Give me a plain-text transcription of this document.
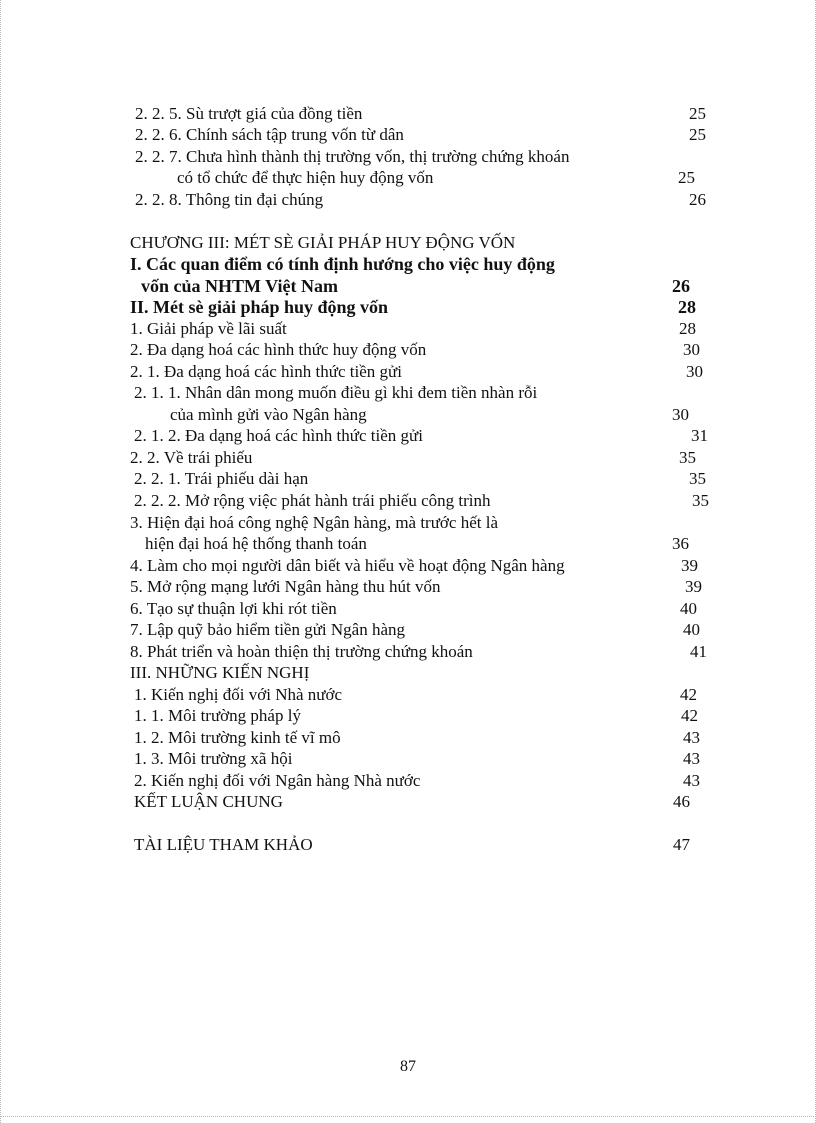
2. 2. 5. Sù trượt giá của đồng tiền	25
2. 2. 6. Chính sách tập trung vốn từ dân	25
2. 2. 7. Chưa hình thành thị trường vốn, thị trường chứng khoán
có tổ chức để thực hiện huy động vốn	25
2. 2. 8. Thông tin đại chúng	26
CHƯƠNG III: MÉT SÈ GIẢI PHÁP HUY ĐỘNG VỐN
I. Các quan điểm có tính định hướng cho việc huy động
vốn của NHTM Việt Nam	26
II. Mét sè giải pháp huy động vốn	28
1. Giải pháp về lãi suất	28
2. Đa dạng hoá các hình thức huy động vốn	30
2. 1. Đa dạng hoá các hình thức tiền gửi	30
2. 1. 1. Nhân dân mong muốn điều gì khi đem tiền nhàn rỗi
của mình gửi vào Ngân hàng	30
2. 1. 2. Đa dạng hoá các hình thức tiền gửi	31
2. 2. Về trái phiếu	35
2. 2. 1. Trái phiếu dài hạn	35
2. 2. 2. Mở rộng việc phát hành trái phiếu công trình	35
3. Hiện đại hoá công nghệ Ngân hàng, mà trước hết là
hiện đại hoá hệ thống thanh toán	36
4. Làm cho mọi người dân biết và hiểu về hoạt động Ngân hàng	39
5. Mở rộng mạng lưới Ngân hàng thu hút vốn	39
6. Tạo sự thuận lợi khi rót tiền	40
7. Lập quỹ bảo hiểm tiền gửi Ngân hàng	40
8. Phát triển và hoàn thiện thị trường chứng khoán	41
III. NHỮNG KIẾN NGHỊ
1. Kiến nghị đối với Nhà nước	42
1. 1. Môi trường pháp lý	42
1. 2. Môi trường kinh tế vĩ mô	43
1. 3. Môi trường xã hội	43
2. Kiến nghị đối với Ngân hàng Nhà nước	43
KẾT LUẬN CHUNG	46
TÀI LIỆU THAM KHẢO	47
87
